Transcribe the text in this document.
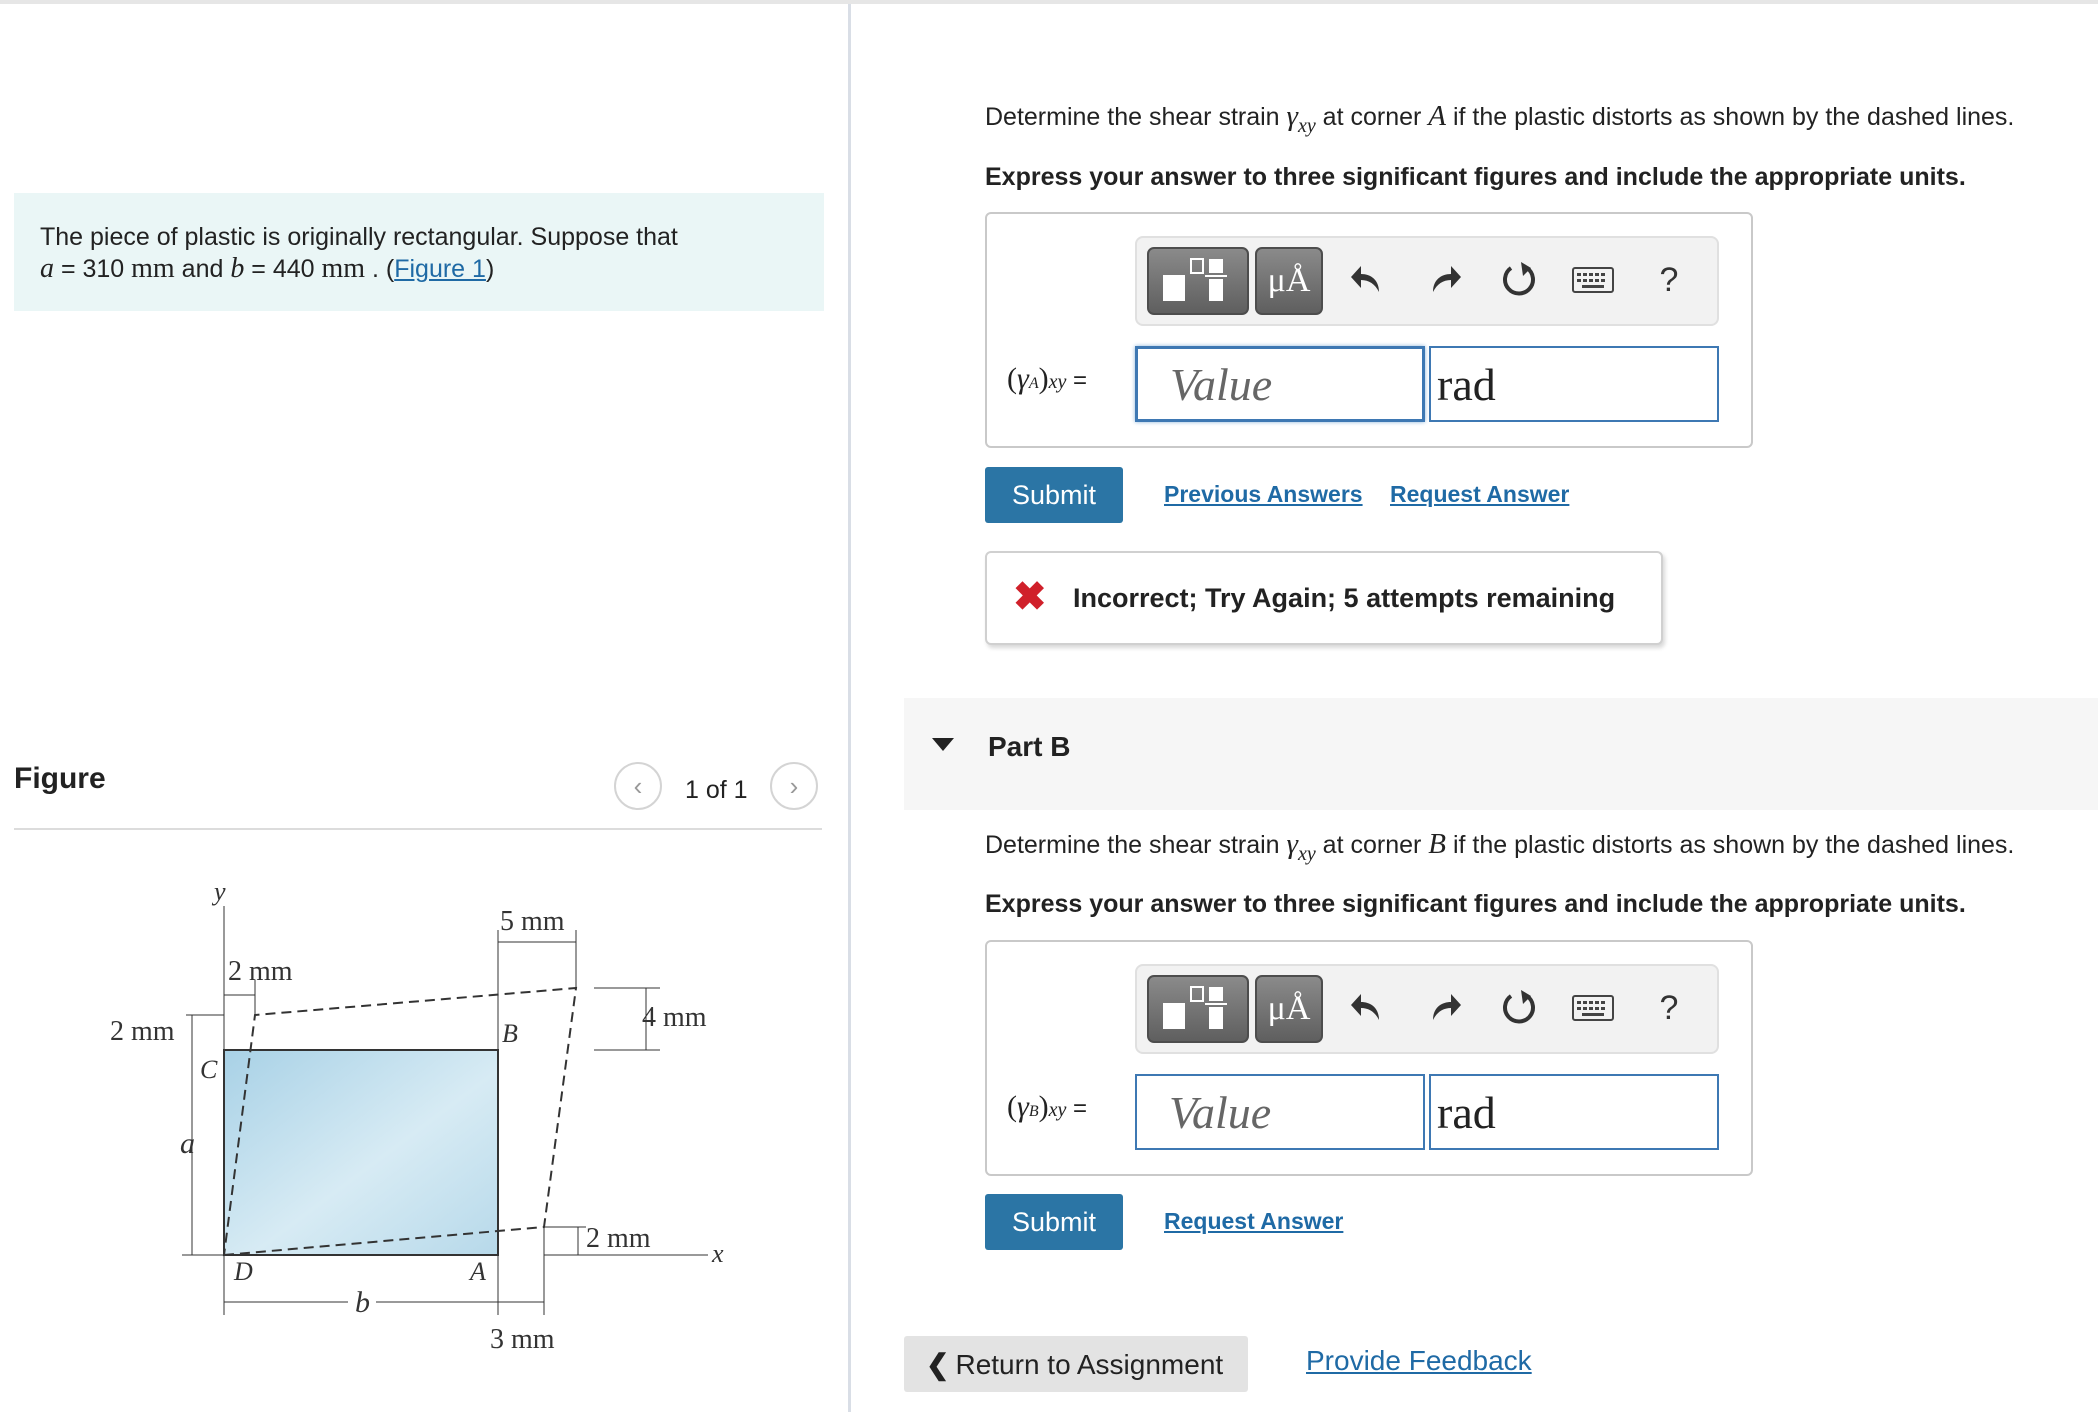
The piece of plastic is originally rectangular. Suppose that
a = 310 mm and b = 440 mm . (Figure 1)
Figure	‹ 1 of 1 ›
y
x
C
B
D	A
a
2 mm
2 mm
5 mm
4 mm
2 mm
b
3 mm
Determine the shear strain $\gamma_{xy}$ at corner A if the plastic distorts as shown by the dashed lines.
Express your answer to three significant figures and include the appropriate units.
μÅ	?
(γA)xy =
Value
rad
Submit	Previous Answers Request Answer
✖ Incorrect; Try Again; 5 attempts remaining
Part B
Determine the shear strain $\gamma_{xy}$ at corner B if the plastic distorts as shown by the dashed lines.
Express your answer to three significant figures and include the appropriate units.
μÅ	?
(γB)xy =
Value
rad
Submit	Request Answer
❮ Return to Assignment	Provide Feedback
